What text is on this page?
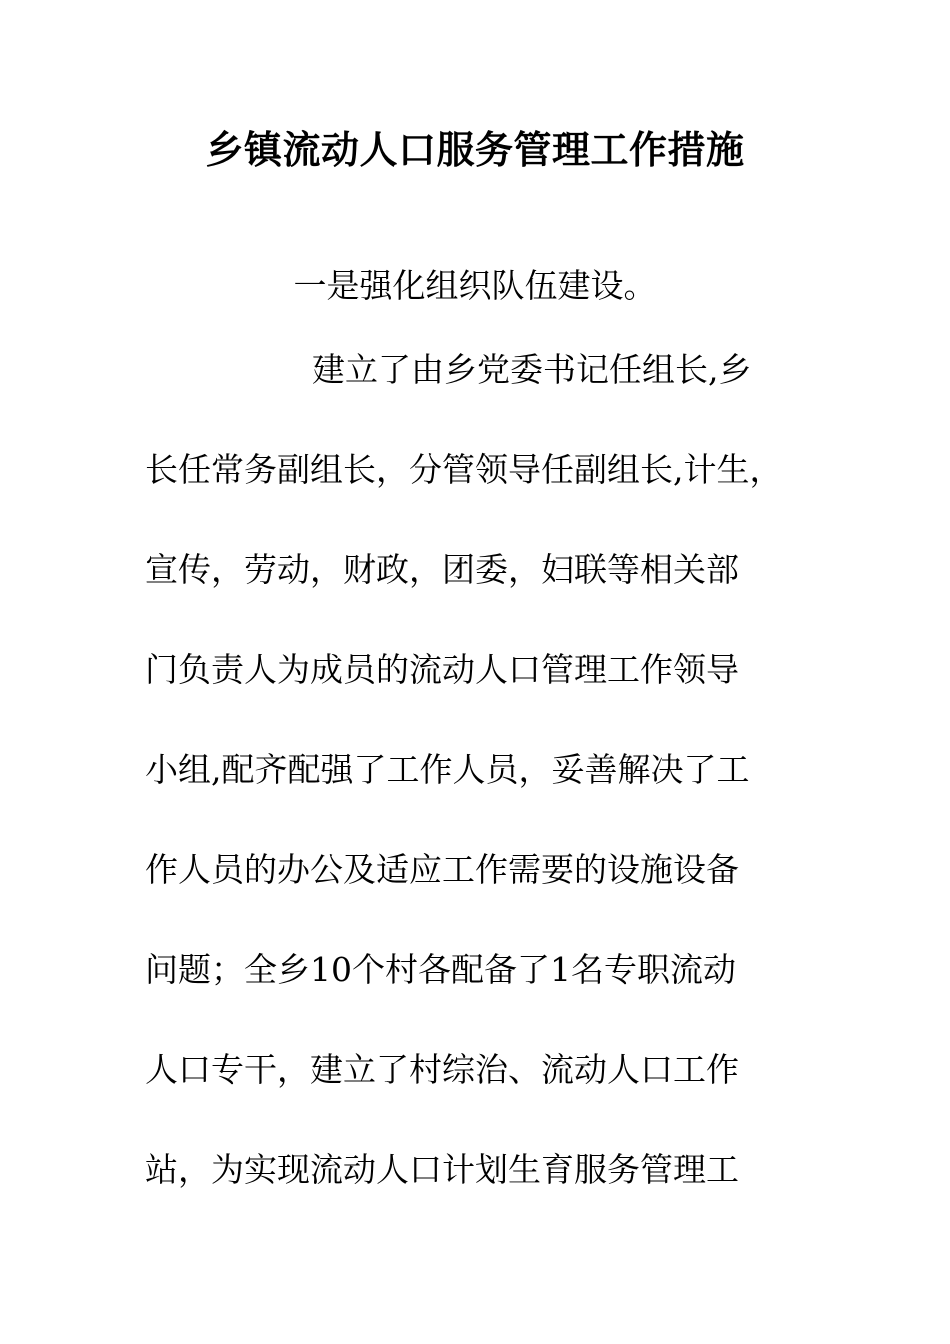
乡镇流动人口服务管理工作措施

一是强化组织队伍建设。

建立了由乡党委书记任组长,乡

长任常务副组长，分管领导任副组长,计生，

宣传，劳动，财政，团委，妇联等相关部

门负责人为成员的流动人口管理工作领导

小组,配齐配强了工作人员，妥善解决了工

作人员的办公及适应工作需要的设施设备

问题；全乡10个村各配备了1名专职流动

人口专干，建立了村综治、流动人口工作

站，为实现流动人口计划生育服务管理工
